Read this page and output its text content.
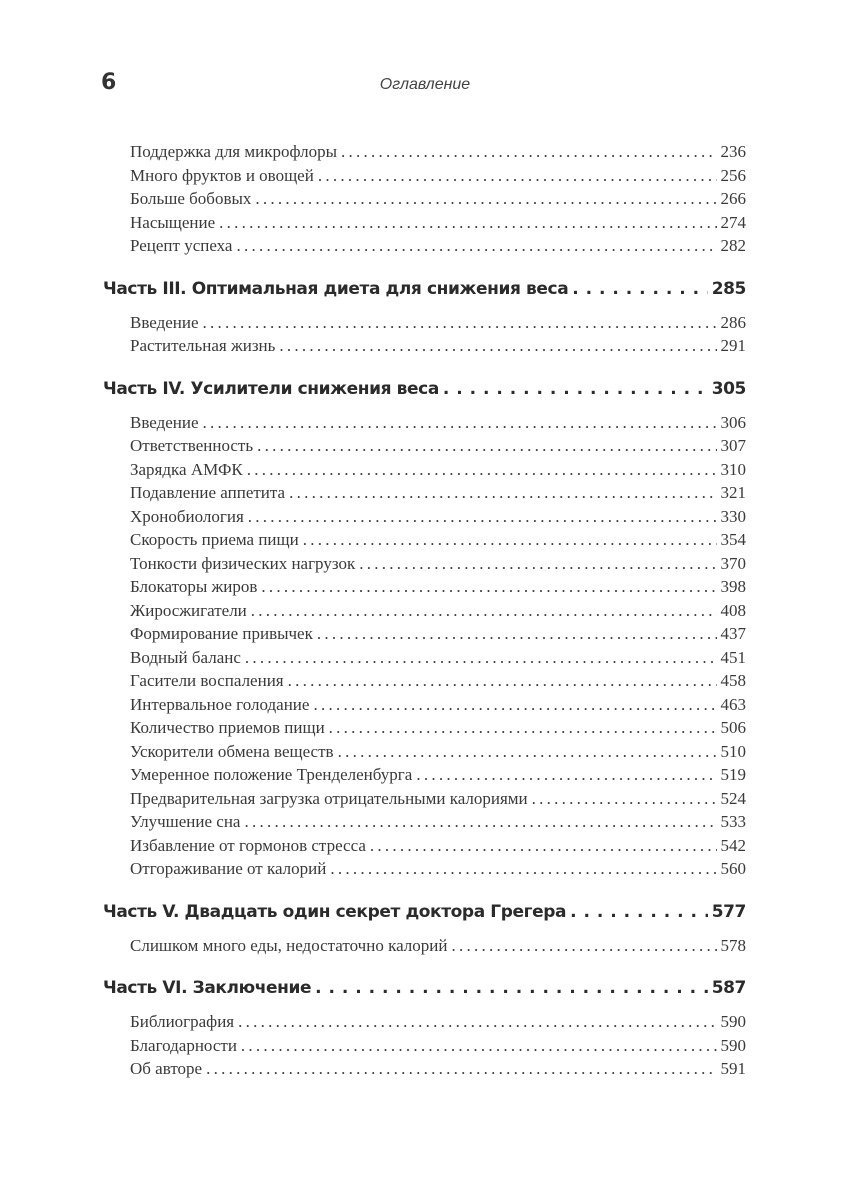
6	Оглавление
Поддержка для микрофлоры . . .	236
Много фруктов и овощей . . .	256
Больше бобовых . . .	266
Насыщение . . .	274
Рецепт успеха . . .	282
Часть III. Оптимальная диета для снижения веса . . .	285
Введение . . .	286
Растительная жизнь . . .	291
Часть IV. Усилители снижения веса . . .	305
Введение . . .	306
Ответственность . . .	307
Зарядка АМФК . . .	310
Подавление аппетита . . .	321
Хронобиология . . .	330
Скорость приема пищи . . .	354
Тонкости физических нагрузок . . .	370
Блокаторы жиров . . .	398
Жиросжигатели . . .	408
Формирование привычек . . .	437
Водный баланс . . .	451
Гасители воспаления . . .	458
Интервальное голодание . . .	463
Количество приемов пищи . . .	506
Ускорители обмена веществ . . .	510
Умеренное положение Тренделенбурга . . .	519
Предварительная загрузка отрицательными калориями . . .	524
Улучшение сна . . .	533
Избавление от гормонов стресса . . .	542
Отгораживание от калорий . . .	560
Часть V. Двадцать один секрет доктора Грегера . . .	577
Слишком много еды, недостаточно калорий . . .	578
Часть VI. Заключение . . .	587
Библиография . . .	590
Благодарности . . .	590
Об авторе . . .	591
